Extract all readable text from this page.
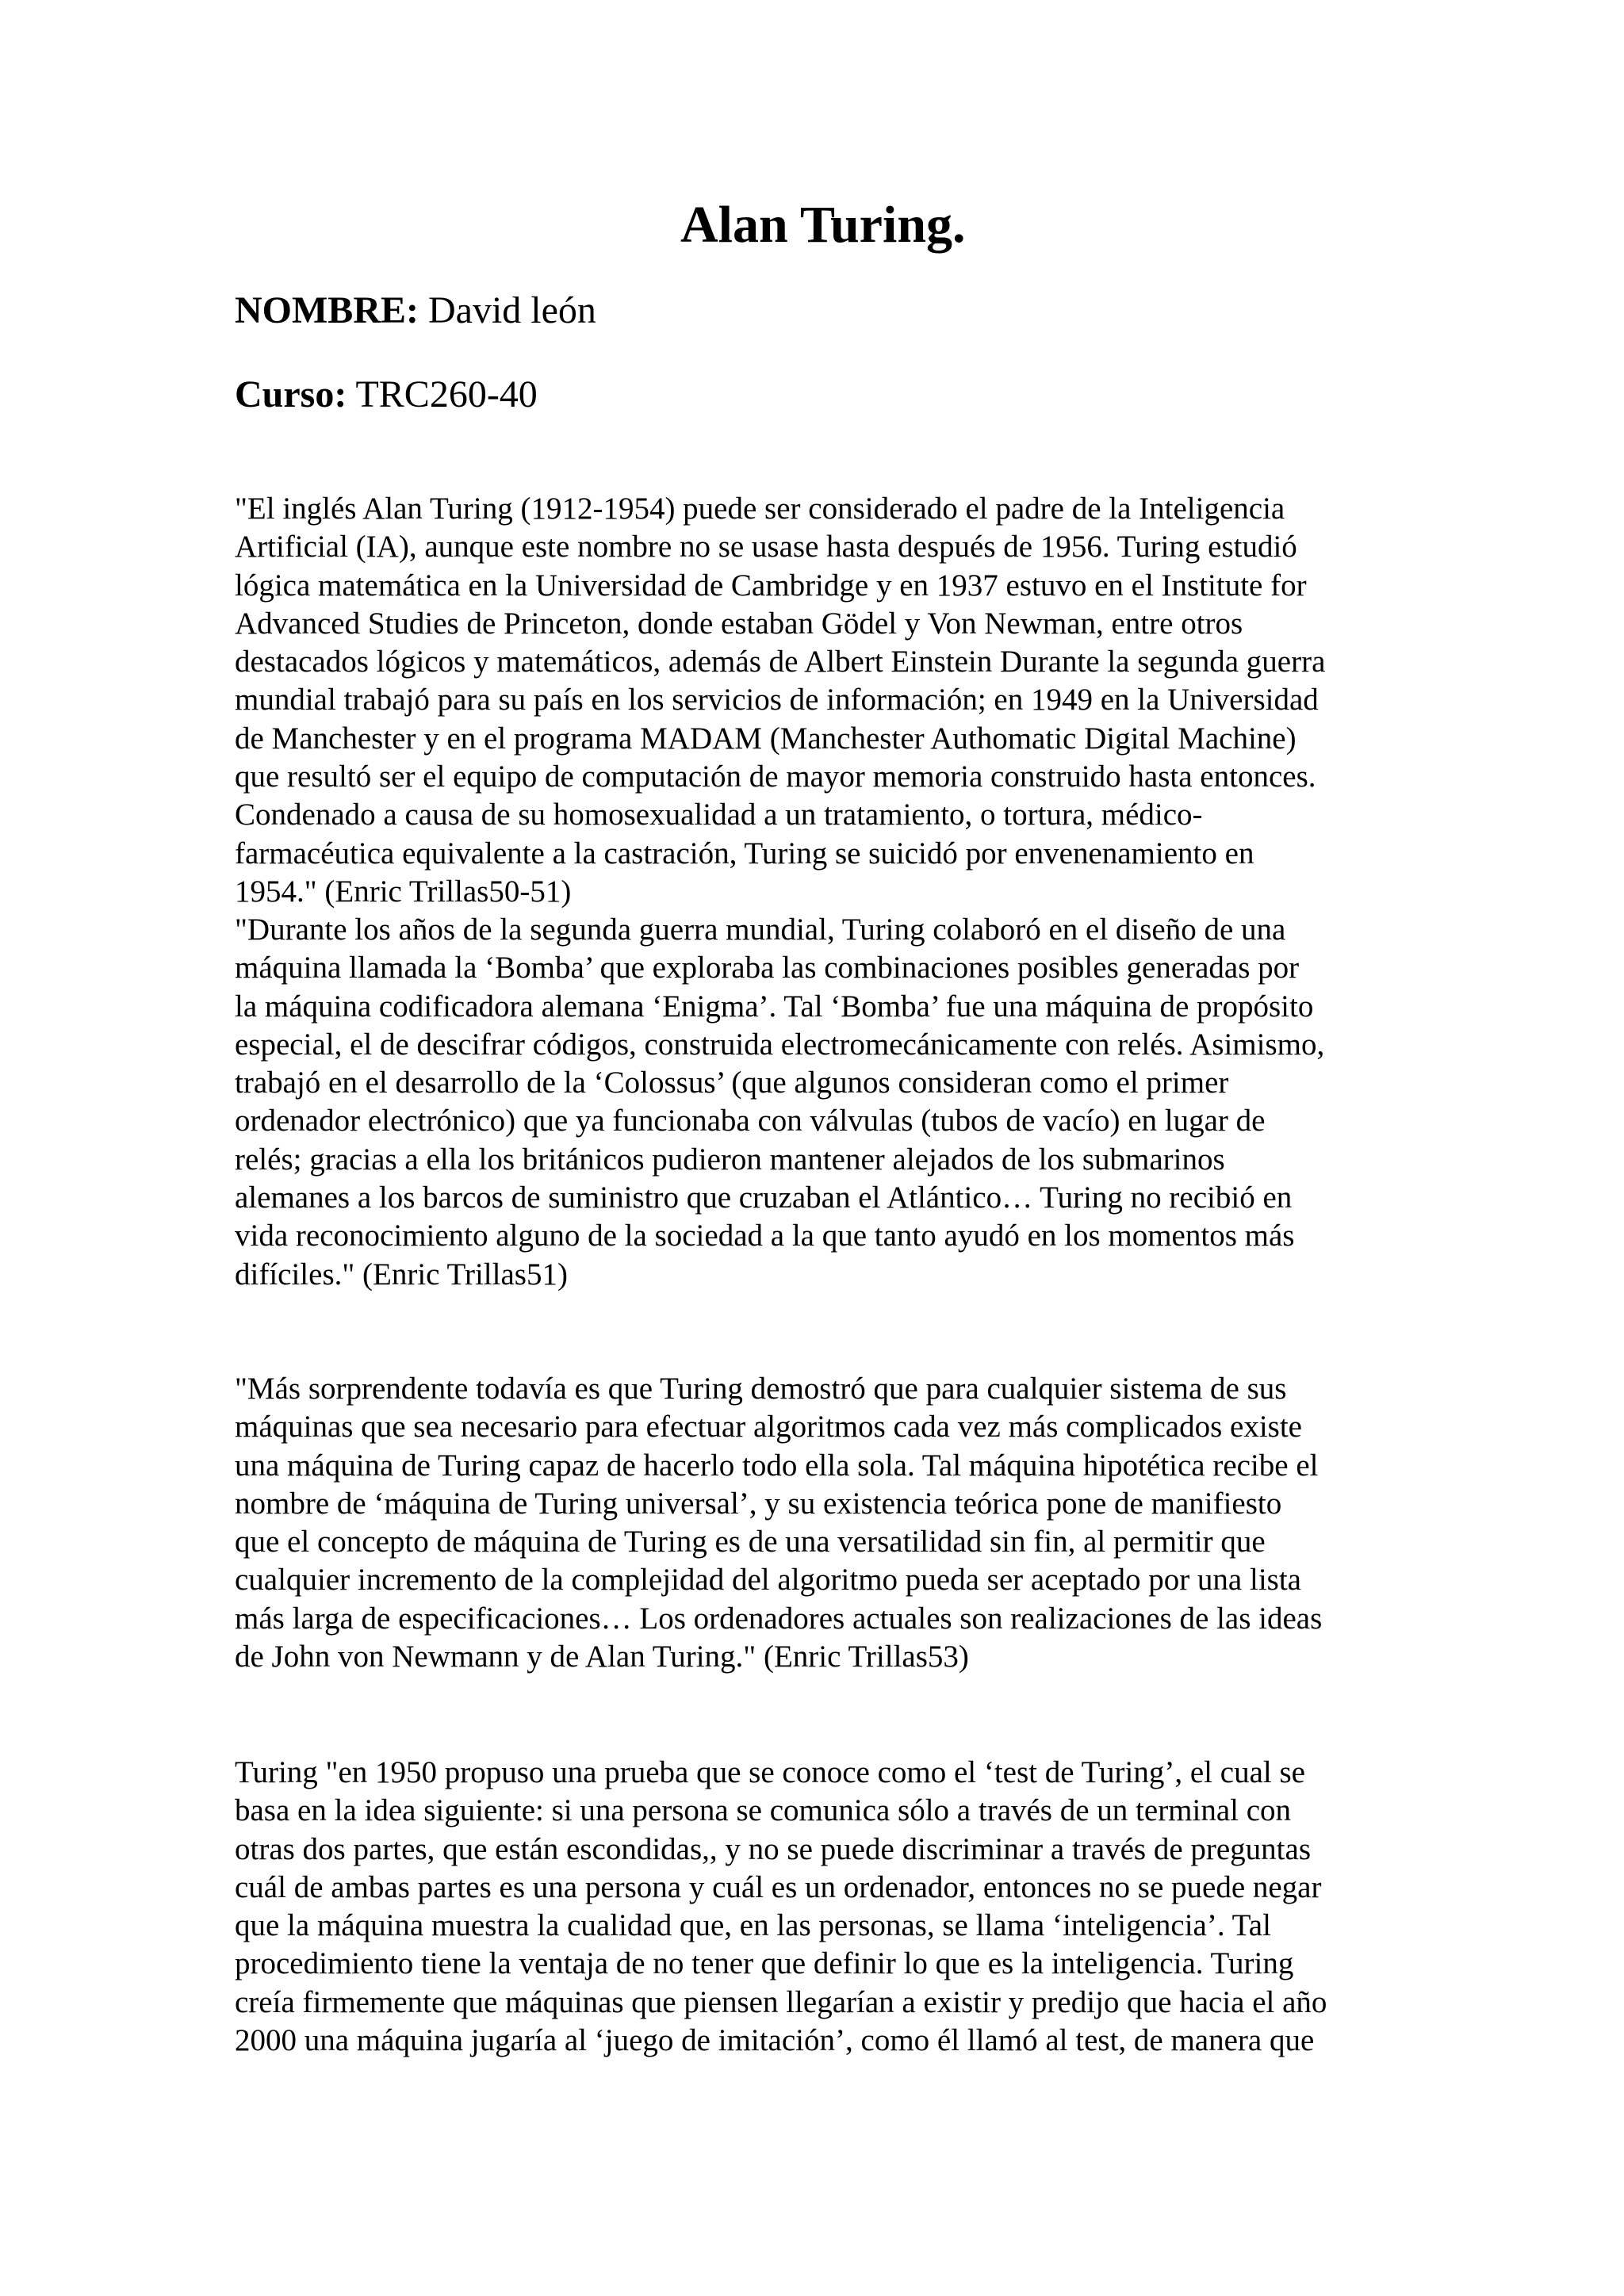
Alan Turing.

NOMBRE: David león

Curso: TRC260-40

"El inglés Alan Turing (1912-1954) puede ser considerado el padre de la Inteligencia
Artificial (IA), aunque este nombre no se usase hasta después de 1956. Turing estudió
lógica matemática en la Universidad de Cambridge y en 1937 estuvo en el Institute for
Advanced Studies de Princeton, donde estaban Gödel y Von Newman, entre otros
destacados lógicos y matemáticos, además de Albert Einstein Durante la segunda guerra
mundial trabajó para su país en los servicios de información; en 1949 en la Universidad
de Manchester y en el programa MADAM (Manchester Authomatic Digital Machine)
que resultó ser el equipo de computación de mayor memoria construido hasta entonces.
Condenado a causa de su homosexualidad a un tratamiento, o tortura, médico-
farmacéutica equivalente a la castración, Turing se suicidó por envenenamiento en
1954." (Enric Trillas50-51)

"Durante los años de la segunda guerra mundial, Turing colaboró en el diseño de una
máquina llamada la ‘Bomba’ que exploraba las combinaciones posibles generadas por
la máquina codificadora alemana ‘Enigma’. Tal ‘Bomba’ fue una máquina de propósito
especial, el de descifrar códigos, construida electromecánicamente con relés. Asimismo,
trabajó en el desarrollo de la ‘Colossus’ (que algunos consideran como el primer
ordenador electrónico) que ya funcionaba con válvulas (tubos de vacío) en lugar de
relés; gracias a ella los británicos pudieron mantener alejados de los submarinos
alemanes a los barcos de suministro que cruzaban el Atlántico… Turing no recibió en
vida reconocimiento alguno de la sociedad a la que tanto ayudó en los momentos más
difíciles." (Enric Trillas51)

"Más sorprendente todavía es que Turing demostró que para cualquier sistema de sus
máquinas que sea necesario para efectuar algoritmos cada vez más complicados existe
una máquina de Turing capaz de hacerlo todo ella sola. Tal máquina hipotética recibe el
nombre de ‘máquina de Turing universal’, y su existencia teórica pone de manifiesto
que el concepto de máquina de Turing es de una versatilidad sin fin, al permitir que
cualquier incremento de la complejidad del algoritmo pueda ser aceptado por una lista
más larga de especificaciones… Los ordenadores actuales son realizaciones de las ideas
de John von Newmann y de Alan Turing." (Enric Trillas53)

Turing "en 1950 propuso una prueba que se conoce como el ‘test de Turing’, el cual se
basa en la idea siguiente: si una persona se comunica sólo a través de un terminal con
otras dos partes, que están escondidas,, y no se puede discriminar a través de preguntas
cuál de ambas partes es una persona y cuál es un ordenador, entonces no se puede negar
que la máquina muestra la cualidad que, en las personas, se llama ‘inteligencia’. Tal
procedimiento tiene la ventaja de no tener que definir lo que es la inteligencia. Turing
creía firmemente que máquinas que piensen llegarían a existir y predijo que hacia el año
2000 una máquina jugaría al ‘juego de imitación’, como él llamó al test, de manera que
